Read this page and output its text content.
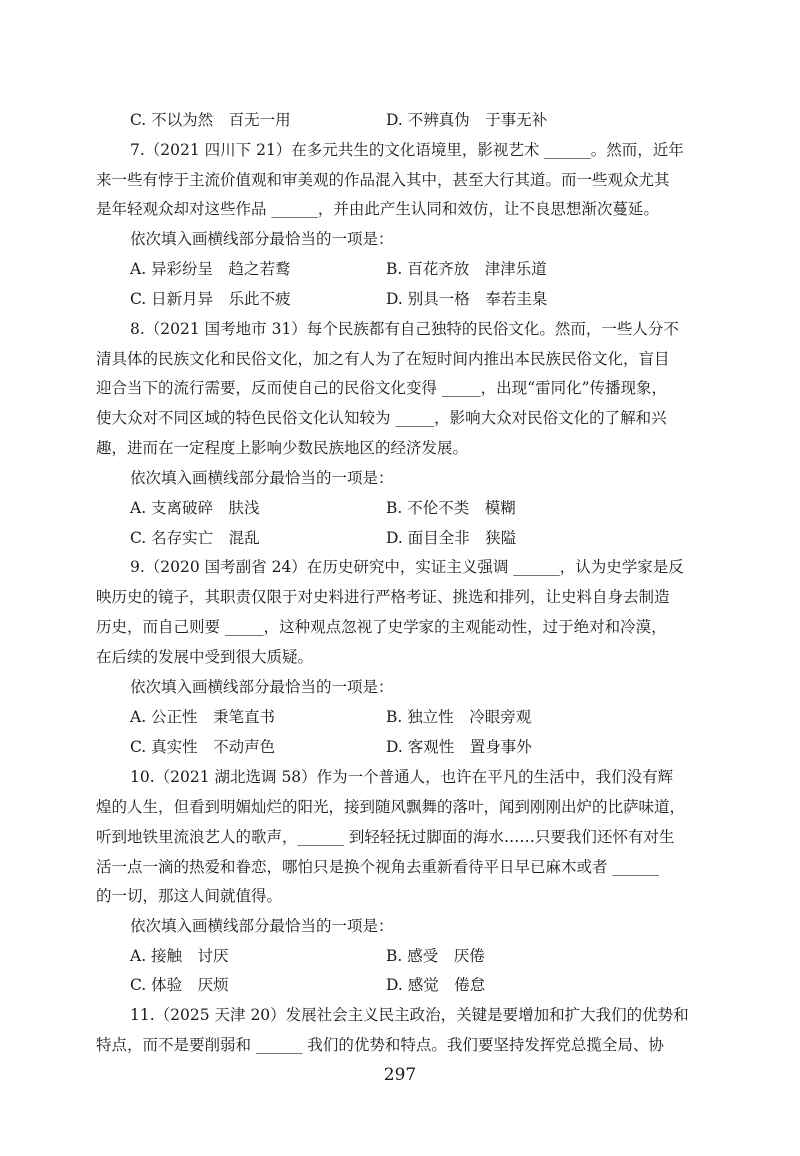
C. 不以为然　百无一用	D. 不辨真伪　于事无补
7.（2021 四川下 21）在多元共生的文化语境里，影视艺术 ______。然而，近年
来一些有悖于主流价值观和审美观的作品混入其中，甚至大行其道。而一些观众尤其
是年轻观众却对这些作品 ______，并由此产生认同和效仿，让不良思想渐次蔓延。
依次填入画横线部分最恰当的一项是：
A. 异彩纷呈　趋之若鹜	B. 百花齐放　津津乐道
C. 日新月异　乐此不疲	D. 别具一格　奉若圭臬
8.（2021 国考地市 31）每个民族都有自己独特的民俗文化。然而，一些人分不
清具体的民族文化和民俗文化，加之有人为了在短时间内推出本民族民俗文化，盲目
迎合当下的流行需要，反而使自己的民俗文化变得 _____，出现“雷同化”传播现象，
使大众对不同区域的特色民俗文化认知较为 _____，影响大众对民俗文化的了解和兴
趣，进而在一定程度上影响少数民族地区的经济发展。
依次填入画横线部分最恰当的一项是：
A. 支离破碎　肤浅	B. 不伦不类　模糊
C. 名存实亡　混乱	D. 面目全非　狭隘
9.（2020 国考副省 24）在历史研究中，实证主义强调 ______，认为史学家是反
映历史的镜子，其职责仅限于对史料进行严格考证、挑选和排列，让史料自身去制造
历史，而自己则要 _____，这种观点忽视了史学家的主观能动性，过于绝对和冷漠，
在后续的发展中受到很大质疑。
依次填入画横线部分最恰当的一项是：
A. 公正性　秉笔直书	B. 独立性　冷眼旁观
C. 真实性　不动声色	D. 客观性　置身事外
10.（2021 湖北选调 58）作为一个普通人，也许在平凡的生活中，我们没有辉
煌的人生，但看到明媚灿烂的阳光，接到随风飘舞的落叶，闻到刚刚出炉的比萨味道，
听到地铁里流浪艺人的歌声，______ 到轻轻抚过脚面的海水……只要我们还怀有对生
活一点一滴的热爱和眷恋，哪怕只是换个视角去重新看待平日早已麻木或者 ______
的一切，那这人间就值得。
依次填入画横线部分最恰当的一项是：
A. 接触　讨厌	B. 感受　厌倦
C. 体验　厌烦	D. 感觉　倦怠
11.（2025 天津 20）发展社会主义民主政治，关键是要增加和扩大我们的优势和
特点，而不是要削弱和 ______ 我们的优势和特点。我们要坚持发挥党总揽全局、协
297
